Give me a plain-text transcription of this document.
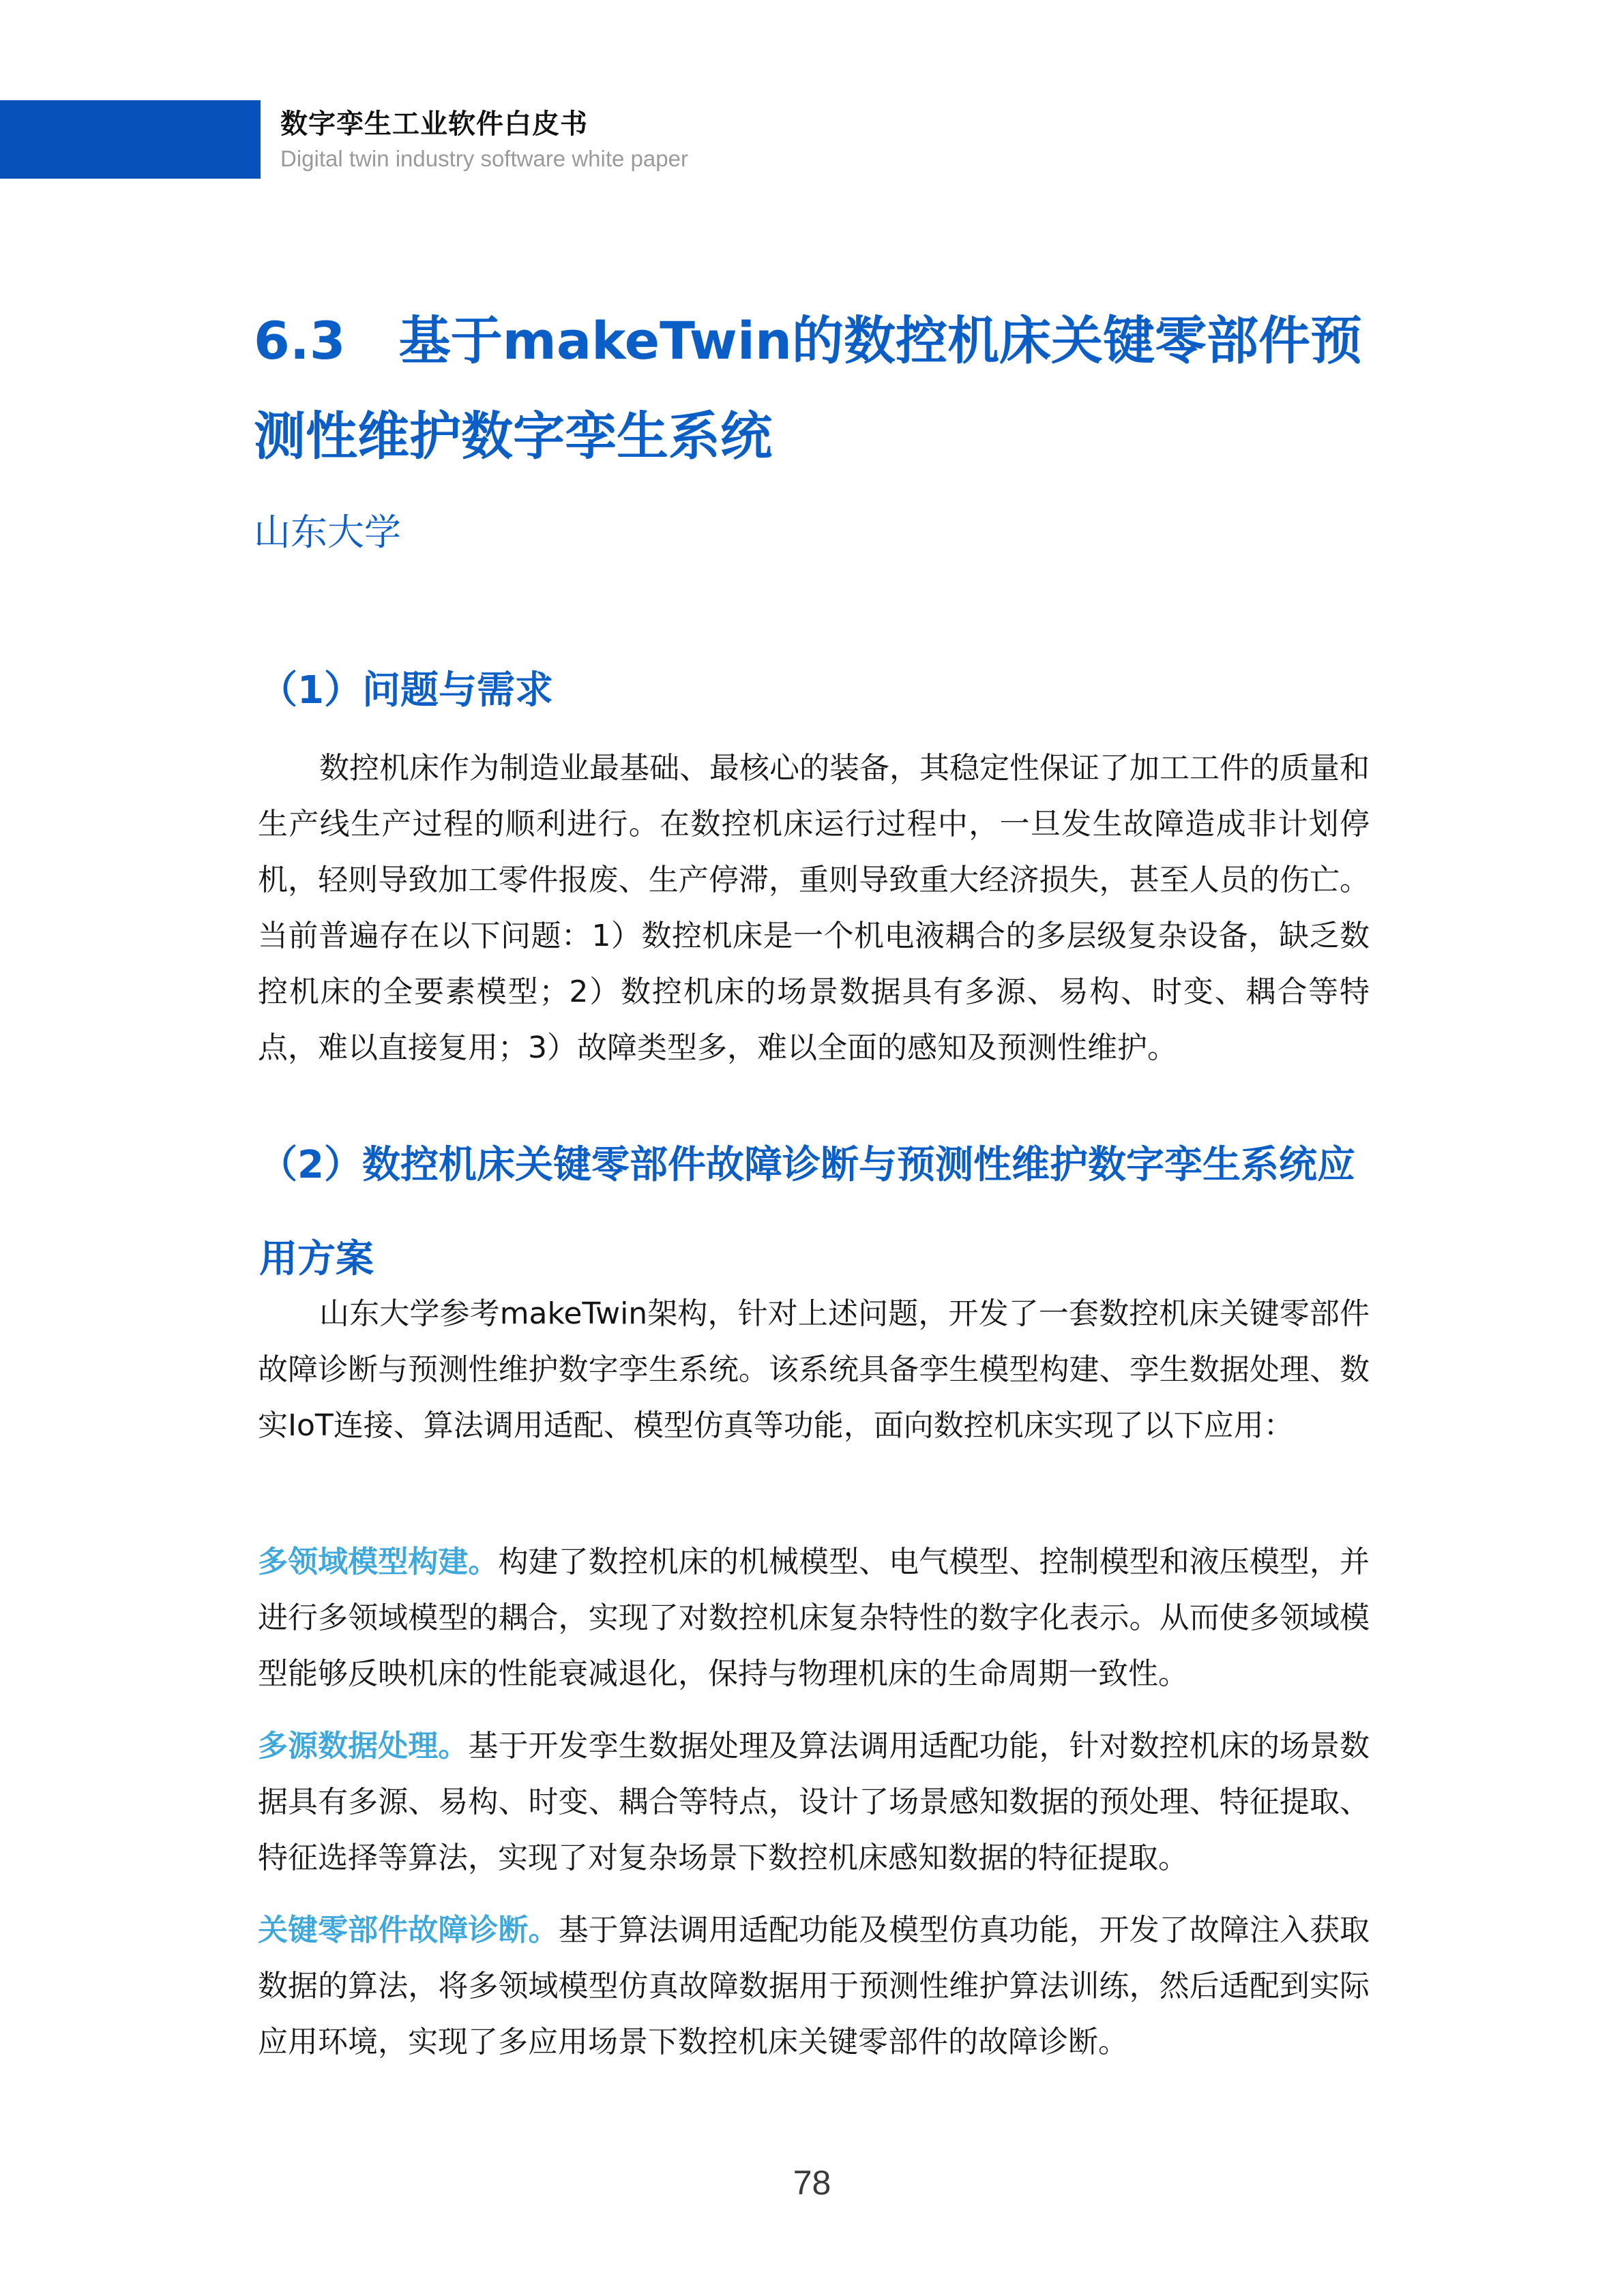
数字孪生工业软件白皮书
Digital twin industry software white paper
6.3 基于makeTwin的数控机床关键零部件预测性维护数字孪生系统
山东大学
（1）问题与需求
数控机床作为制造业最基础、最核心的装备，其稳定性保证了加工工件的质量和生产线生产过程的顺利进行。在数控机床运行过程中，一旦发生故障造成非计划停机，轻则导致加工零件报废、生产停滞，重则导致重大经济损失，甚至人员的伤亡。当前普遍存在以下问题：1）数控机床是一个机电液耦合的多层级复杂设备，缺乏数控机床的全要素模型；2）数控机床的场景数据具有多源、易构、时变、耦合等特点，难以直接复用；3）故障类型多，难以全面的感知及预测性维护。
（2）数控机床关键零部件故障诊断与预测性维护数字孪生系统应用方案
山东大学参考makeTwin架构，针对上述问题，开发了一套数控机床关键零部件故障诊断与预测性维护数字孪生系统。该系统具备孪生模型构建、孪生数据处理、数实IoT连接、算法调用适配、模型仿真等功能，面向数控机床实现了以下应用：
多领域模型构建。构建了数控机床的机械模型、电气模型、控制模型和液压模型，并进行多领域模型的耦合，实现了对数控机床复杂特性的数字化表示。从而使多领域模型能够反映机床的性能衰减退化，保持与物理机床的生命周期一致性。
多源数据处理。基于开发孪生数据处理及算法调用适配功能，针对数控机床的场景数据具有多源、易构、时变、耦合等特点，设计了场景感知数据的预处理、特征提取、特征选择等算法，实现了对复杂场景下数控机床感知数据的特征提取。
关键零部件故障诊断。基于算法调用适配功能及模型仿真功能，开发了故障注入获取数据的算法，将多领域模型仿真故障数据用于预测性维护算法训练，然后适配到实际应用环境，实现了多应用场景下数控机床关键零部件的故障诊断。
78
